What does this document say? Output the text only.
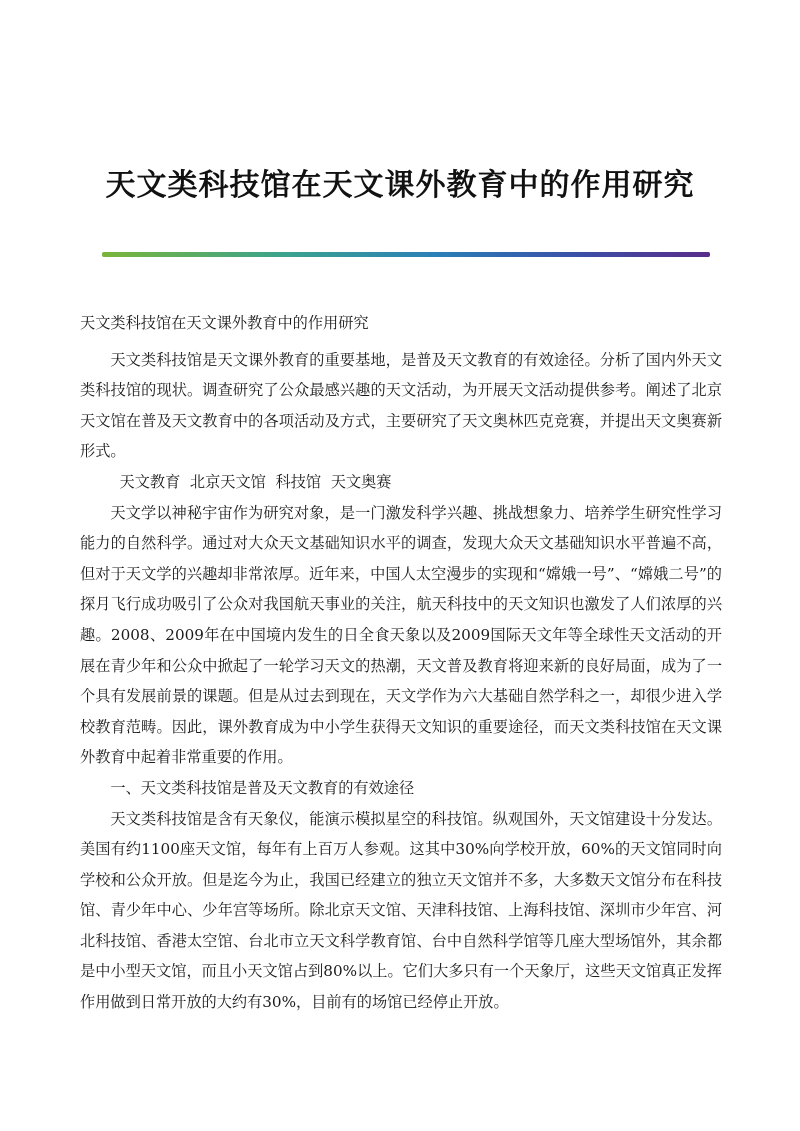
天文类科技馆在天文课外教育中的作用研究

天文类科技馆在天文课外教育中的作用研究

天文类科技馆是天文课外教育的重要基地，是普及天文教育的有效途径。分析了国内外天文类科技馆的现状。调查研究了公众最感兴趣的天文活动，为开展天文活动提供参考。阐述了北京天文馆在普及天文教育中的各项活动及方式，主要研究了天文奥林匹克竞赛，并提出天文奥赛新形式。

天文教育  北京天文馆  科技馆  天文奥赛

天文学以神秘宇宙作为研究对象，是一门激发科学兴趣、挑战想象力、培养学生研究性学习能力的自然科学。通过对大众天文基础知识水平的调查，发现大众天文基础知识水平普遍不高，但对于天文学的兴趣却非常浓厚。近年来，中国人太空漫步的实现和“嫦娥一号”、“嫦娥二号”的探月飞行成功吸引了公众对我国航天事业的关注，航天科技中的天文知识也激发了人们浓厚的兴趣。2008、2009年在中国境内发生的日全食天象以及2009国际天文年等全球性天文活动的开展在青少年和公众中掀起了一轮学习天文的热潮，天文普及教育将迎来新的良好局面，成为了一个具有发展前景的课题。但是从过去到现在，天文学作为六大基础自然学科之一，却很少进入学校教育范畴。因此，课外教育成为中小学生获得天文知识的重要途径，而天文类科技馆在天文课外教育中起着非常重要的作用。

一、天文类科技馆是普及天文教育的有效途径

天文类科技馆是含有天象仪，能演示模拟星空的科技馆。纵观国外，天文馆建设十分发达。美国有约1100座天文馆，每年有上百万人参观。这其中30%向学校开放，60%的天文馆同时向学校和公众开放。但是迄今为止，我国已经建立的独立天文馆并不多，大多数天文馆分布在科技馆、青少年中心、少年宫等场所。除北京天文馆、天津科技馆、上海科技馆、深圳市少年宫、河北科技馆、香港太空馆、台北市立天文科学教育馆、台中自然科学馆等几座大型场馆外，其余都是中小型天文馆，而且小天文馆占到80%以上。它们大多只有一个天象厅，这些天文馆真正发挥作用做到日常开放的大约有30%，目前有的场馆已经停止开放。
